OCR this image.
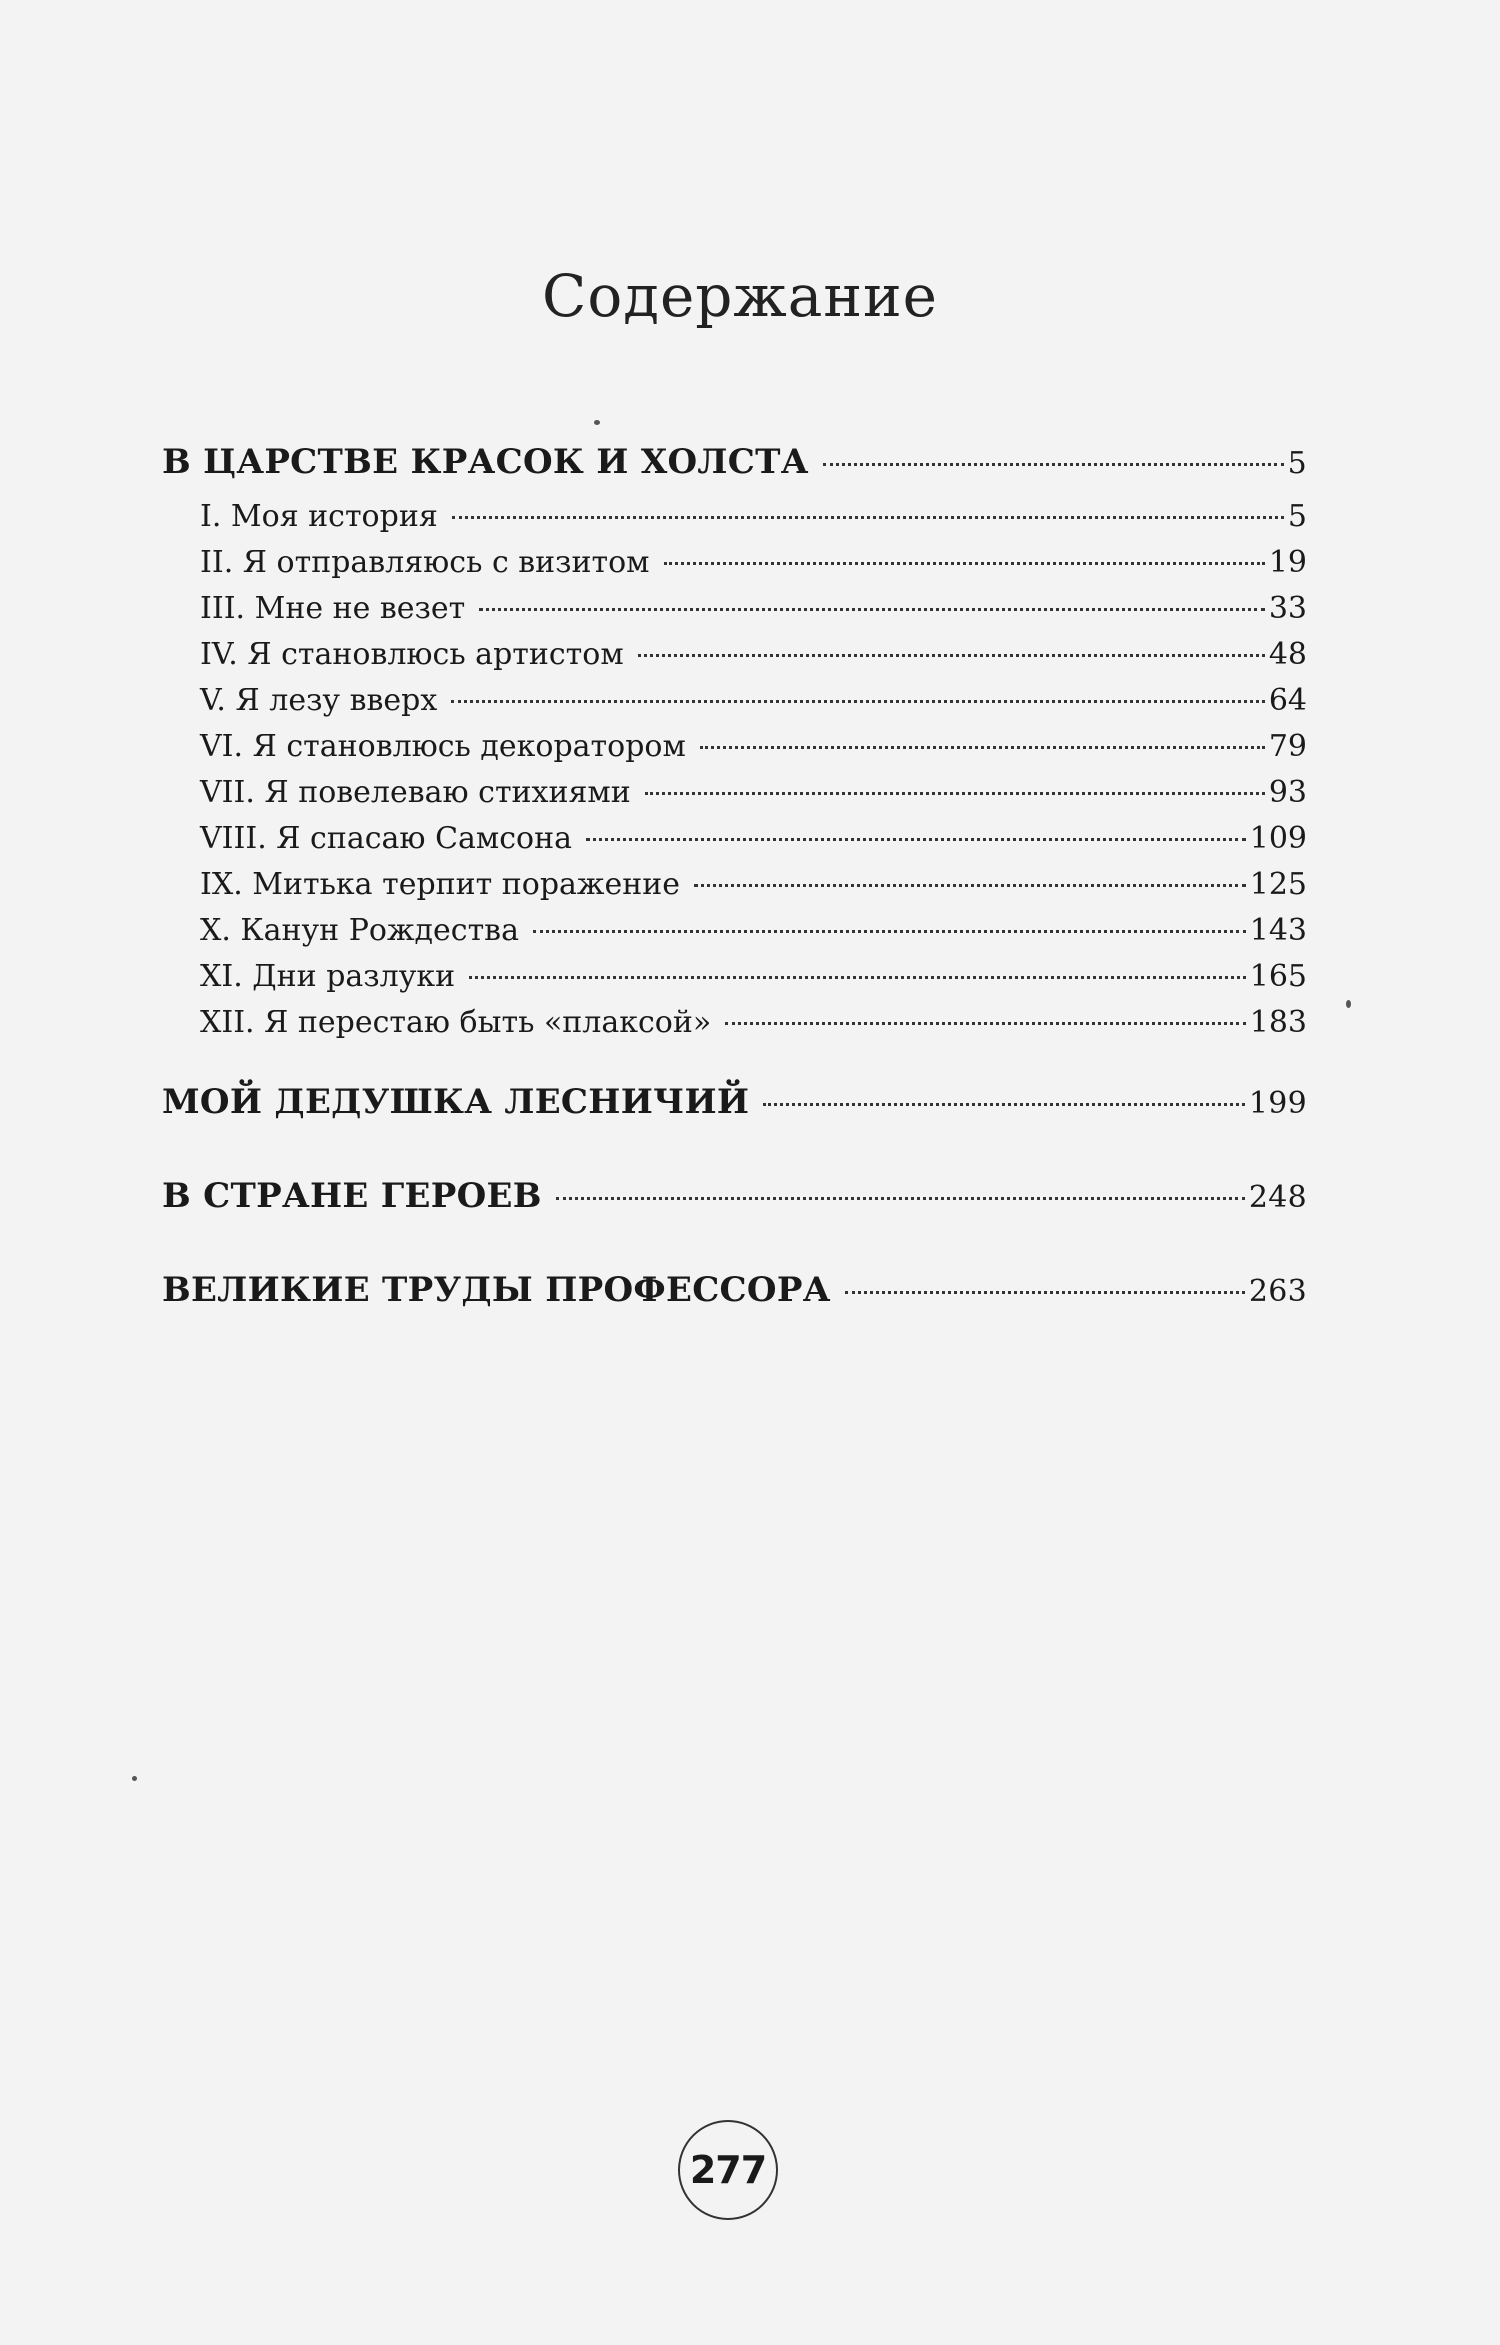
Содержание
В ЦАРСТВЕ КРАСОК И ХОЛСТА	5
I. Моя история	5
II. Я отправляюсь с визитом	19
III. Мне не везет	33
IV. Я становлюсь артистом	48
V. Я лезу вверх	64
VI. Я становлюсь декоратором	79
VII. Я повелеваю стихиями	93
VIII. Я спасаю Самсона	109
IX. Митька терпит поражение	125
X. Канун Рождества	143
XI. Дни разлуки	165
XII. Я перестаю быть «плаксой»	183
МОЙ ДЕДУШКА ЛЕСНИЧИЙ	199
В СТРАНЕ ГЕРОЕВ	248
ВЕЛИКИЕ ТРУДЫ ПРОФЕССОРА	263
277
